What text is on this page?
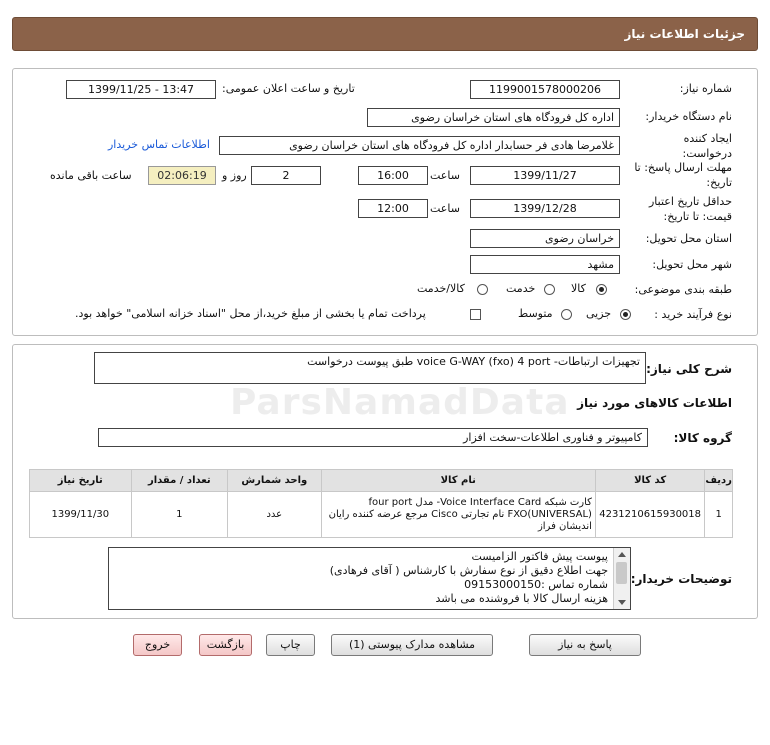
جزئیات اطلاعات نیاز
شماره نیاز:
1199001578000206
تاریخ و ساعت اعلان عمومی:
1399/11/25 - 13:47
نام دستگاه خریدار:
اداره کل فرودگاه های استان خراسان رضوی
ایجاد کننده درخواست:
غلامرضا هادی فر حسابدار اداره کل فرودگاه های استان خراسان رضوی
اطلاعات تماس خریدار
مهلت ارسال پاسخ: تا تاریخ:
1399/11/27
ساعت
16:00
2
روز و
02:06:19
ساعت باقی مانده
حداقل تاریخ اعتبار قیمت: تا تاریخ:
1399/12/28
ساعت
12:00
استان محل تحویل:
خراسان رضوی
شهر محل تحویل:
مشهد
طبقه بندی موضوعی:
کالا
خدمت
کالا/خدمت
نوع فرآیند خرید :
جزیی
متوسط
پرداخت تمام یا بخشی از مبلغ خرید،از محل "اسناد خزانه اسلامی" خواهد بود.
شرح کلی نیاز:
تجهیزات ارتباطات- voice G-WAY (fxo) 4 port طبق پیوست درخواست
اطلاعات کالاهای مورد نیاز
گروه کالا:
کامپیوتر و فناوری اطلاعات-سخت افزار
ردیف	کد کالا	نام کالا	واحد شمارش	تعداد / مقدار	تاریخ نیاز
1	4231210615930018	کارت شبکه Voice Interface Card- مدل four port
FXO(UNIVERSAL) نام تجارتی Cisco مرجع عرضه کننده رایان
اندیشان فراز	عدد	1	1399/11/30
توضیحات خریدار:
پیوست پیش فاکتور الزامیست
جهت اطلاع دقیق از نوع سفارش با کارشناس ( آقای فرهادی)
شماره تماس :09153000150
هزینه ارسال کالا با فروشنده می باشد
پاسخ به نیاز
مشاهده مدارک پیوستی (1)
چاپ
بازگشت
خروج
